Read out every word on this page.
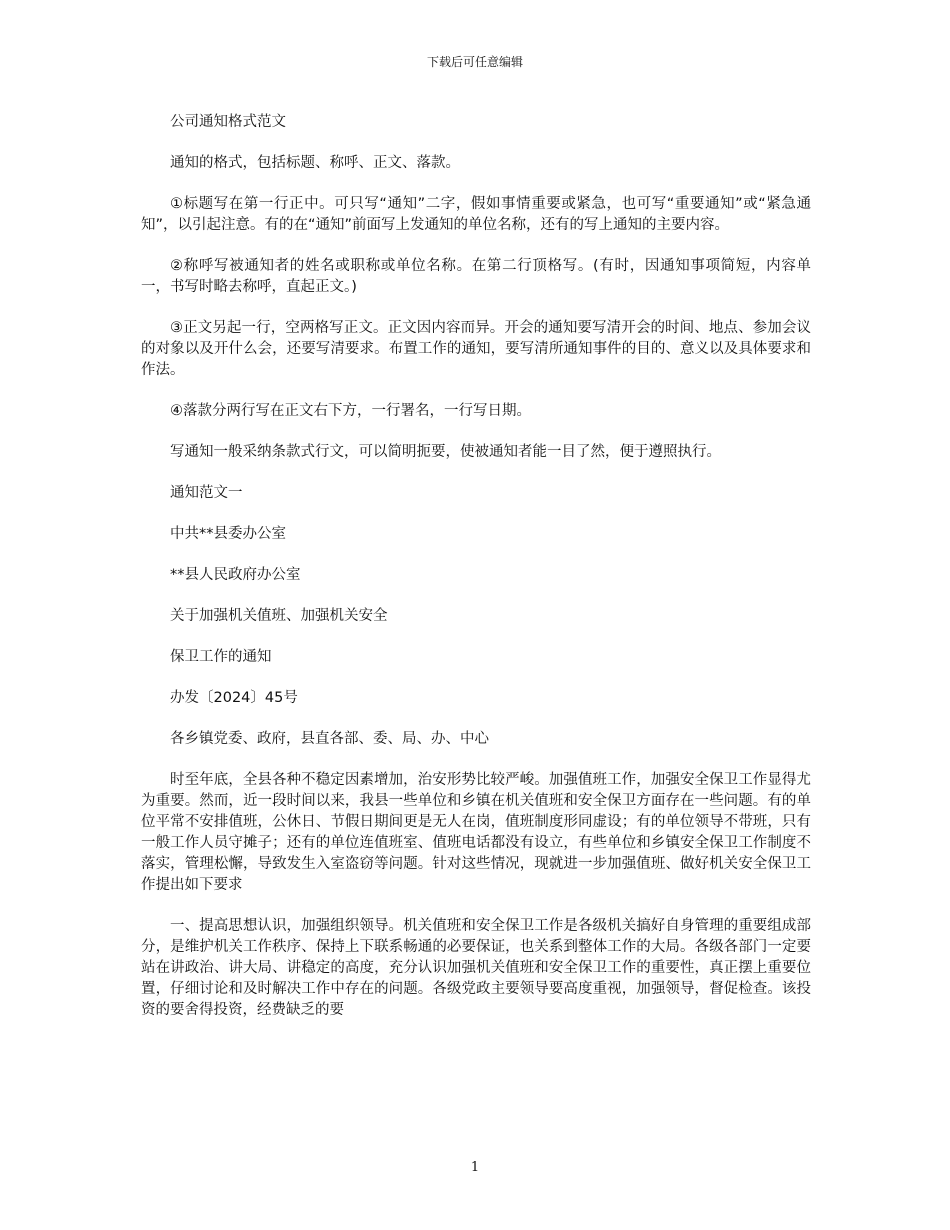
下载后可任意编辑

公司通知格式范文

通知的格式，包括标题、称呼、正文、落款。

①标题写在第一行正中。可只写“通知”二字，假如事情重要或紧急，也可写“重要通知”或“紧急通知”，以引起注意。有的在“通知”前面写上发通知的单位名称，还有的写上通知的主要内容。

②称呼写被通知者的姓名或职称或单位名称。在第二行顶格写。(有时，因通知事项简短，内容单一，书写时略去称呼，直起正文。)

③正文另起一行，空两格写正文。正文因内容而异。开会的通知要写清开会的时间、地点、参加会议的对象以及开什么会，还要写清要求。布置工作的通知，要写清所通知事件的目的、意义以及具体要求和作法。

④落款分两行写在正文右下方，一行署名，一行写日期。

写通知一般采纳条款式行文，可以简明扼要，使被通知者能一目了然，便于遵照执行。

通知范文一

中共**县委办公室

**县人民政府办公室

关于加强机关值班、加强机关安全

保卫工作的通知

办发〔2024〕45号

各乡镇党委、政府，县直各部、委、局、办、中心

时至年底，全县各种不稳定因素增加，治安形势比较严峻。加强值班工作，加强安全保卫工作显得尤为重要。然而，近一段时间以来，我县一些单位和乡镇在机关值班和安全保卫方面存在一些问题。有的单位平常不安排值班，公休日、节假日期间更是无人在岗，值班制度形同虚设；有的单位领导不带班，只有一般工作人员守摊子；还有的单位连值班室、值班电话都没有设立，有些单位和乡镇安全保卫工作制度不落实，管理松懈，导致发生入室盗窃等问题。针对这些情况，现就进一步加强值班、做好机关安全保卫工作提出如下要求

一、提高思想认识，加强组织领导。机关值班和安全保卫工作是各级机关搞好自身管理的重要组成部分，是维护机关工作秩序、保持上下联系畅通的必要保证，也关系到整体工作的大局。各级各部门一定要站在讲政治、讲大局、讲稳定的高度，充分认识加强机关值班和安全保卫工作的重要性，真正摆上重要位置，仔细讨论和及时解决工作中存在的问题。各级党政主要领导要高度重视，加强领导，督促检查。该投资的要舍得投资，经费缺乏的要

1
